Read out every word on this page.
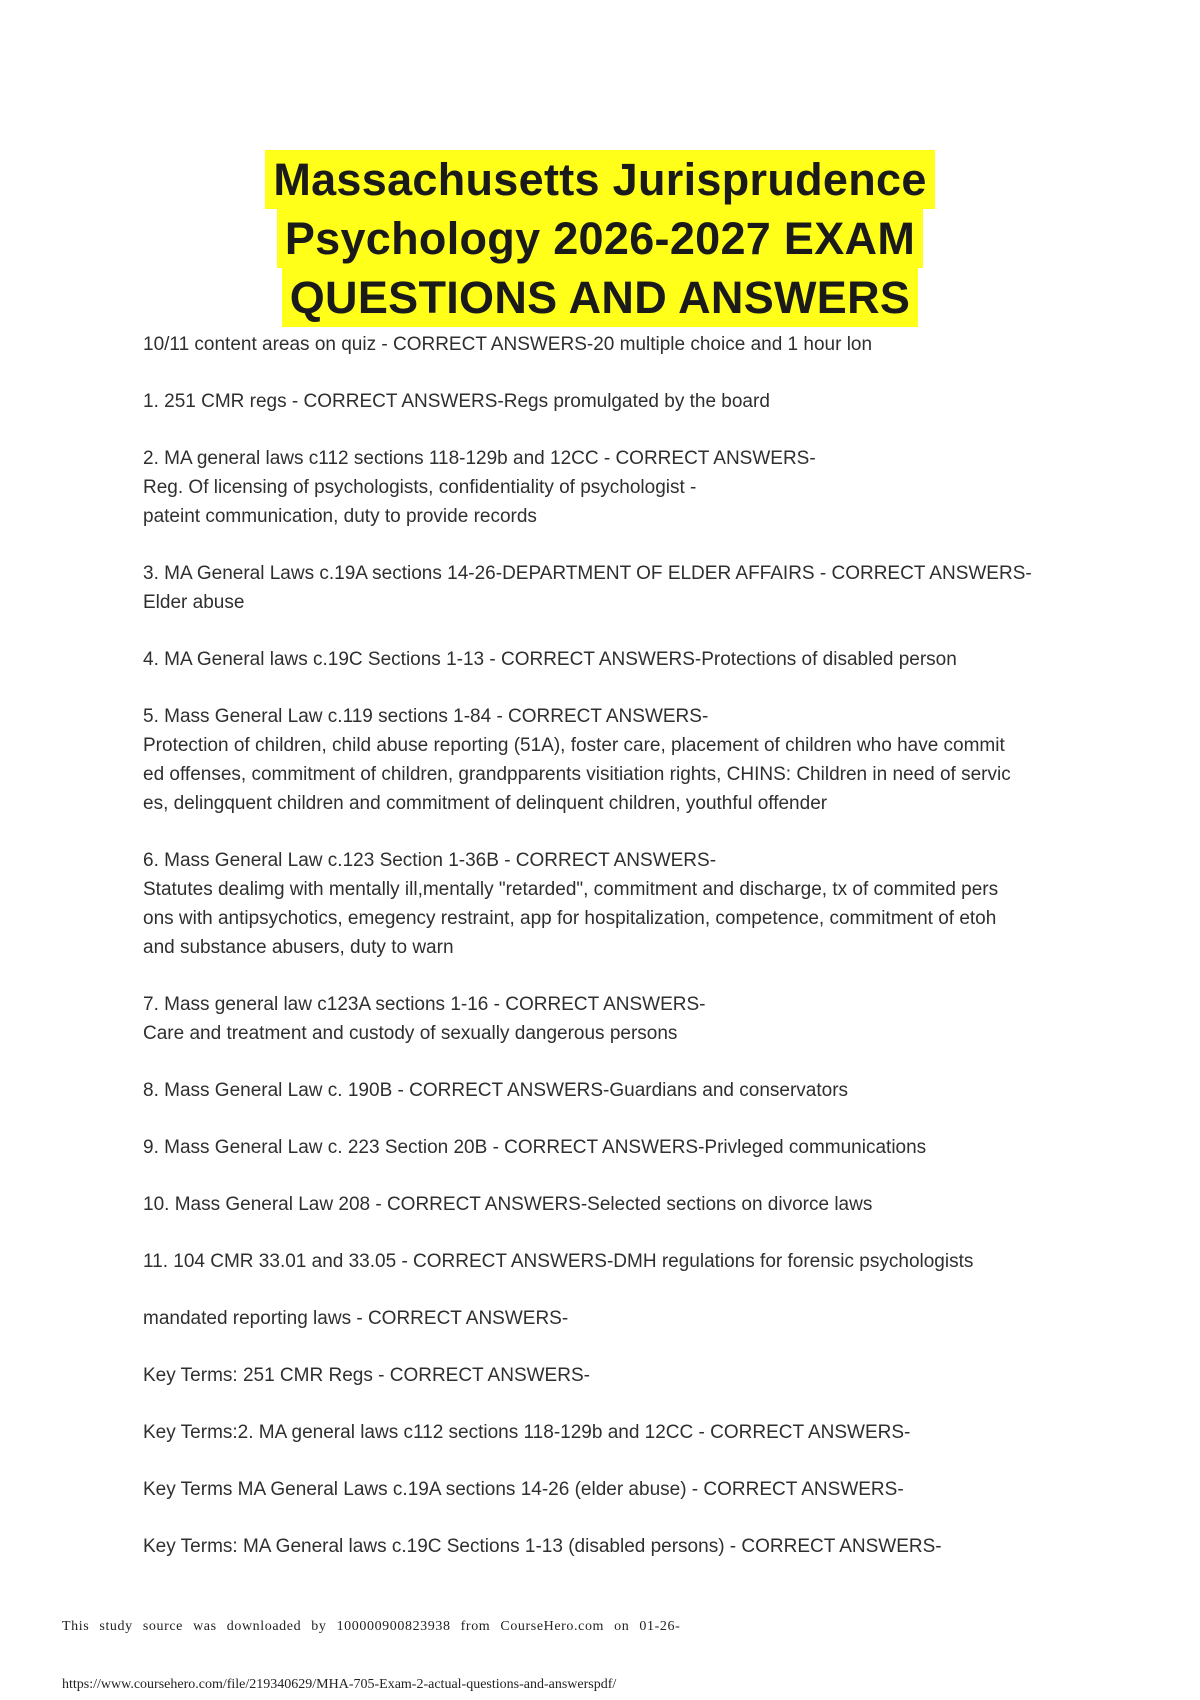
Massachusetts Jurisprudence
Psychology 2026-2027 EXAM
QUESTIONS AND ANSWERS
10/11 content areas on quiz - CORRECT ANSWERS-20 multiple choice and 1 hour lon
1. 251 CMR regs - CORRECT ANSWERS-Regs promulgated by the board
2. MA general laws c112 sections 118-129b and 12CC - CORRECT ANSWERS-
Reg. Of licensing of psychologists, confidentiality of psychologist -
pateint communication, duty to provide records
3. MA General Laws c.19A sections 14-26-DEPARTMENT OF ELDER AFFAIRS - CORRECT ANSWERS-
Elder abuse
4. MA General laws c.19C Sections 1-13 - CORRECT ANSWERS-Protections of disabled person
5. Mass General Law c.119 sections 1-84 - CORRECT ANSWERS-
Protection of children, child abuse reporting (51A), foster care, placement of children who have commit
ed offenses, commitment of children, grandpparents visitiation rights, CHINS: Children in need of servic
es, delingquent children and commitment of delinquent children, youthful offender
6. Mass General Law c.123 Section 1-36B - CORRECT ANSWERS-
Statutes dealimg with mentally ill,mentally "retarded", commitment and discharge, tx of commited pers
ons with antipsychotics, emegency restraint, app for hospitalization, competence, commitment of etoh
and substance abusers, duty to warn
7. Mass general law c123A sections 1-16 - CORRECT ANSWERS-
Care and treatment and custody of sexually dangerous persons
8. Mass General Law c. 190B - CORRECT ANSWERS-Guardians and conservators
9. Mass General Law c. 223 Section 20B - CORRECT ANSWERS-Privleged communications
10. Mass General Law 208 - CORRECT ANSWERS-Selected sections on divorce laws
11. 104 CMR 33.01 and 33.05 - CORRECT ANSWERS-DMH regulations for forensic psychologists
mandated reporting laws - CORRECT ANSWERS-
Key Terms: 251 CMR Regs - CORRECT ANSWERS-
Key Terms:2. MA general laws c112 sections 118-129b and 12CC - CORRECT ANSWERS-
Key Terms MA General Laws c.19A sections 14-26 (elder abuse) - CORRECT ANSWERS-
Key Terms: MA General laws c.19C Sections 1-13 (disabled persons) - CORRECT ANSWERS-
This study source was downloaded by 100000900823938 from CourseHero.com on 01-26-
https://www.coursehero.com/file/219340629/MHA-705-Exam-2-actual-questions-and-answerspdf/
